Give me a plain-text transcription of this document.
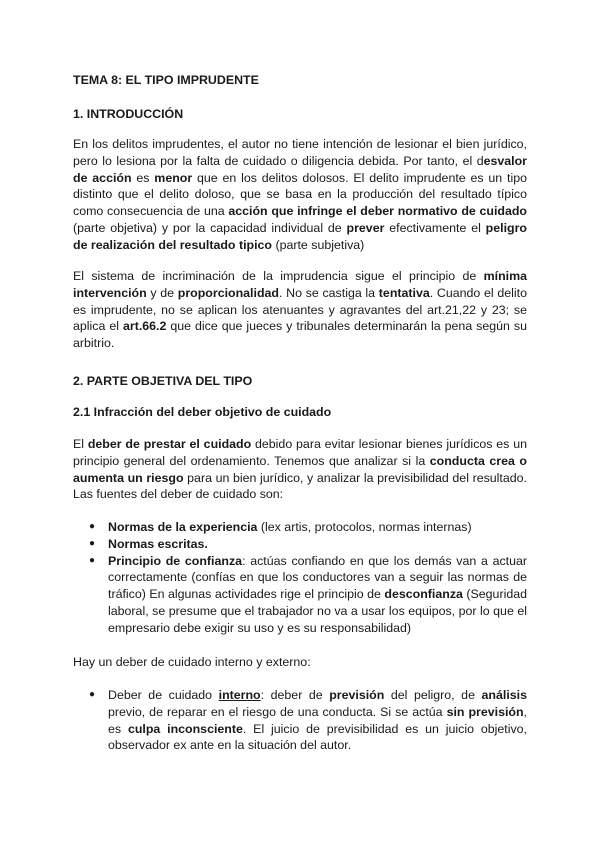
TEMA 8: EL TIPO IMPRUDENTE
1. INTRODUCCIÓN

En los delitos imprudentes, el autor no tiene intención de lesionar el bien jurídico, pero lo lesiona por la falta de cuidado o diligencia debida. Por tanto, el desvalor de acción es menor que en los delitos dolosos. El delito imprudente es un tipo distinto que el delito doloso, que se basa en la producción del resultado típico como consecuencia de una acción que infringe el deber normativo de cuidado (parte objetiva) y por la capacidad individual de prever efectivamente el peligro de realización del resultado tipico (parte subjetiva)

El sistema de incriminación de la imprudencia sigue el principio de mínima intervención y de proporcionalidad. No se castiga la tentativa. Cuando el delito es imprudente, no se aplican los atenuantes y agravantes del art.21,22 y 23; se aplica el art.66.2 que dice que jueces y tribunales determinarán la pena según su arbitrio.

2. PARTE OBJETIVA DEL TIPO
2.1 Infracción del deber objetivo de cuidado

El deber de prestar el cuidado debido para evitar lesionar bienes jurídicos es un principio general del ordenamiento. Tenemos que analizar si la conducta crea o aumenta un riesgo para un bien jurídico, y analizar la previsibilidad del resultado. Las fuentes del deber de cuidado son:

● Normas de la experiencia (lex artis, protocolos, normas internas)
● Normas escritas.
● Principio de confianza: actúas confiando en que los demás van a actuar correctamente (confías en que los conductores van a seguir las normas de tráfico) En algunas actividades rige el principio de desconfianza (Seguridad laboral, se presume que el trabajador no va a usar los equipos, por lo que el empresario debe exigir su uso y es su responsabilidad)

Hay un deber de cuidado interno y externo:

● Deber de cuidado interno: deber de previsión del peligro, de análisis previo, de reparar en el riesgo de una conducta. Si se actúa sin previsión, es culpa inconsciente. El juicio de previsibilidad es un juicio objetivo, observador ex ante en la situación del autor.
